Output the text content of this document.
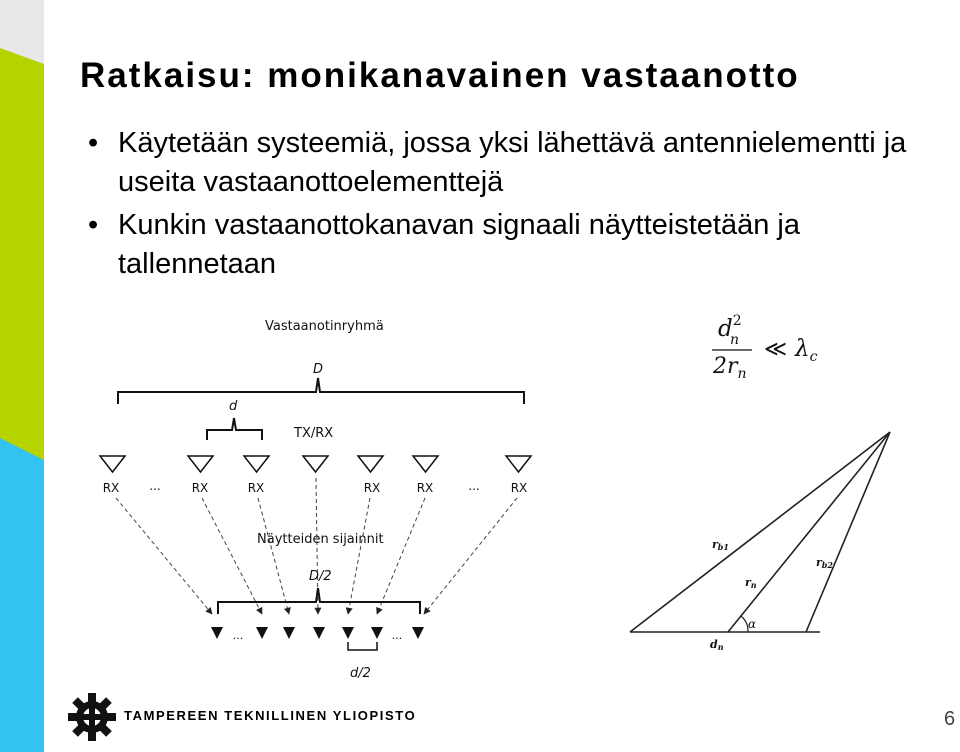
Ratkaisu: monikanavainen vastaanotto
• Käytetään systeemiä, jossa yksi lähettävä antennielementti ja useita vastaanottoelementtejä
• Kunkin vastaanottokanavan signaali näytteistetään ja tallennetaan
Vastaanotinryhmä
D
d
TX/RX
RX ...	RX	RX	RX	RX	...	RX
Näytteiden sijainnit
D/2
...	...
d/2
$d^2$
n
$2r_n$
≪ $\lambda_c$
rb1
rn
rb2
α
dn
TAMPEREEN TEKNILLINEN YLIOPISTO	6
